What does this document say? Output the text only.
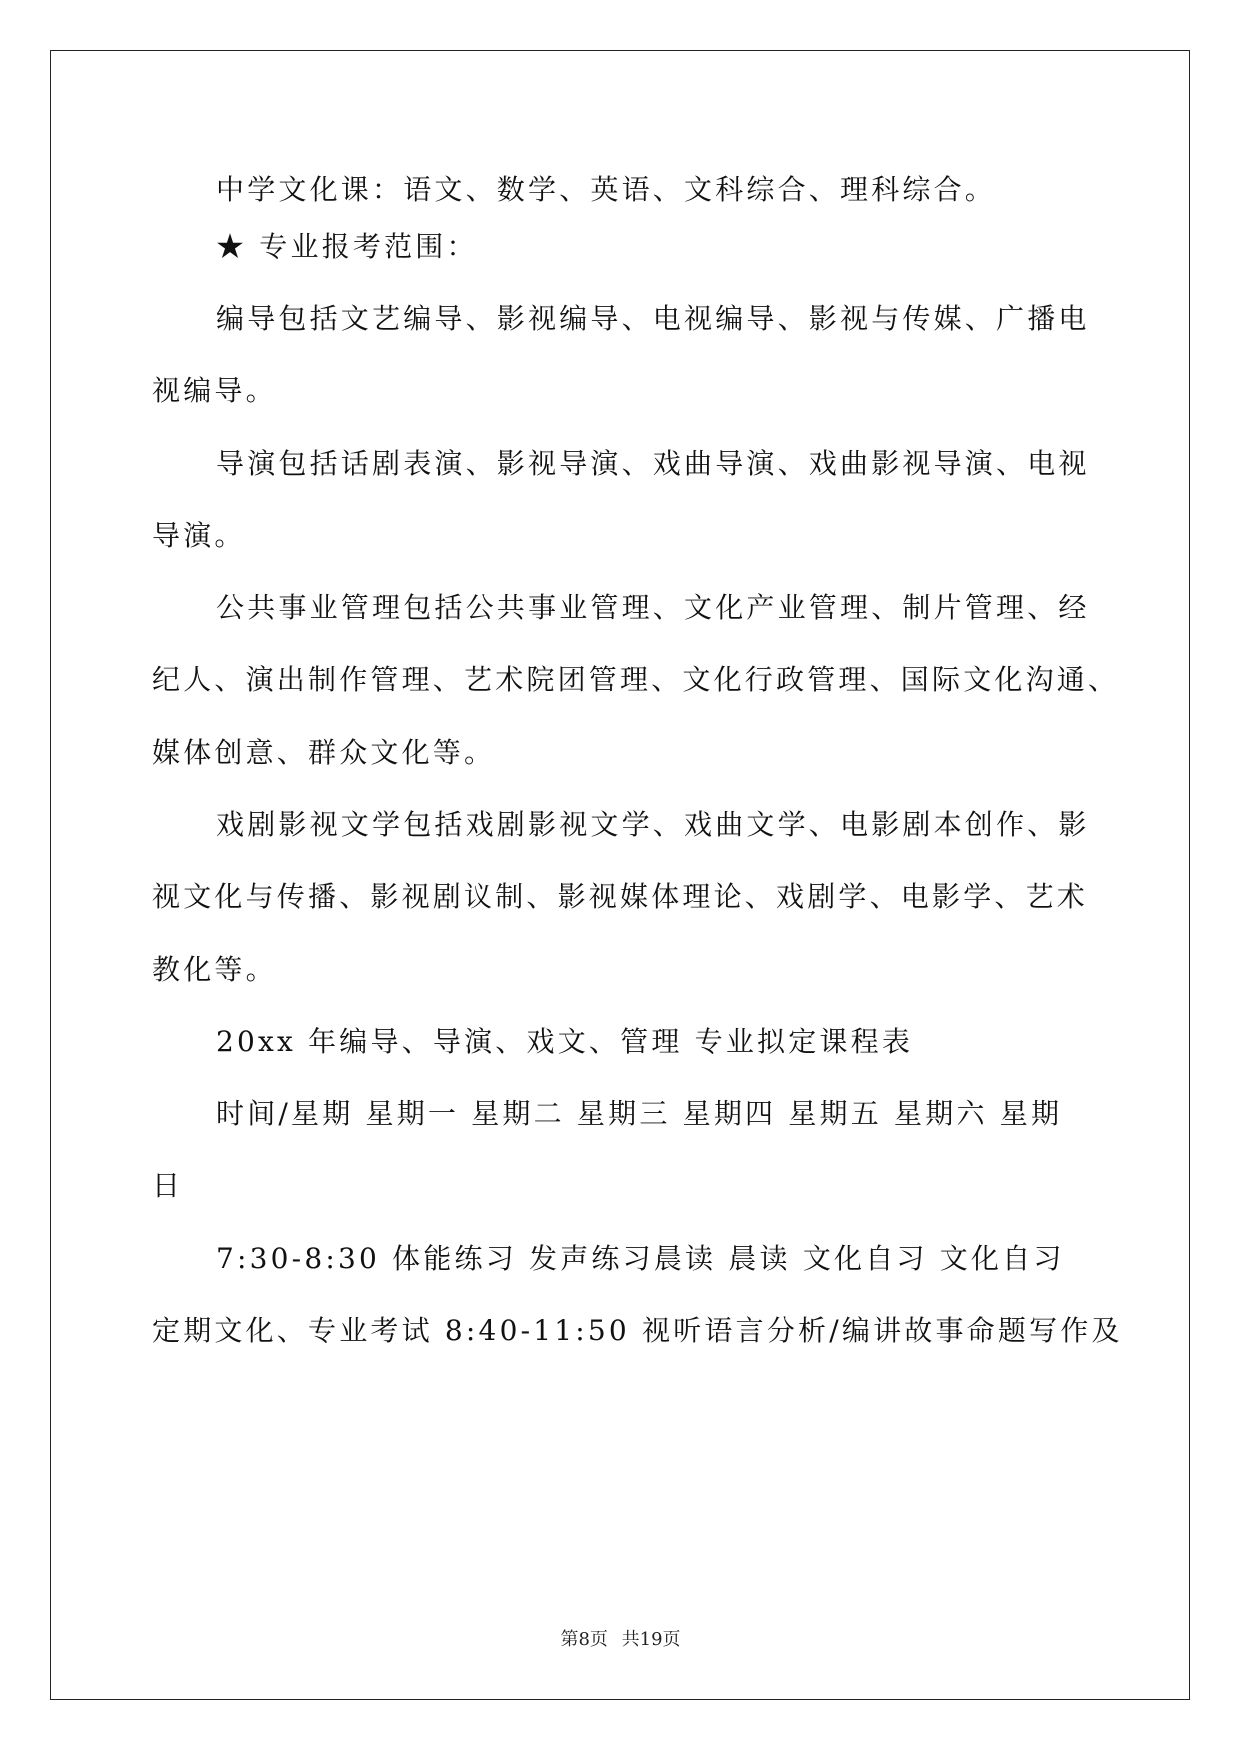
中学文化课：语文、数学、英语、文科综合、理科综合。
★ 专业报考范围：
编导包括文艺编导、影视编导、电视编导、影视与传媒、广播电
视编导。
导演包括话剧表演、影视导演、戏曲导演、戏曲影视导演、电视
导演。
公共事业管理包括公共事业管理、文化产业管理、制片管理、经
纪人、演出制作管理、艺术院团管理、文化行政管理、国际文化沟通、
媒体创意、群众文化等。
戏剧影视文学包括戏剧影视文学、戏曲文学、电影剧本创作、影
视文化与传播、影视剧议制、影视媒体理论、戏剧学、电影学、艺术
教化等。
20xx 年编导、导演、戏文、管理 专业拟定课程表
时间/星期 星期一 星期二 星期三 星期四 星期五 星期六 星期
日
7:30-8:30 体能练习 发声练习晨读 晨读 文化自习 文化自习
定期文化、专业考试 8:40-11:50 视听语言分析/编讲故事命题写作及
第8页 共19页
